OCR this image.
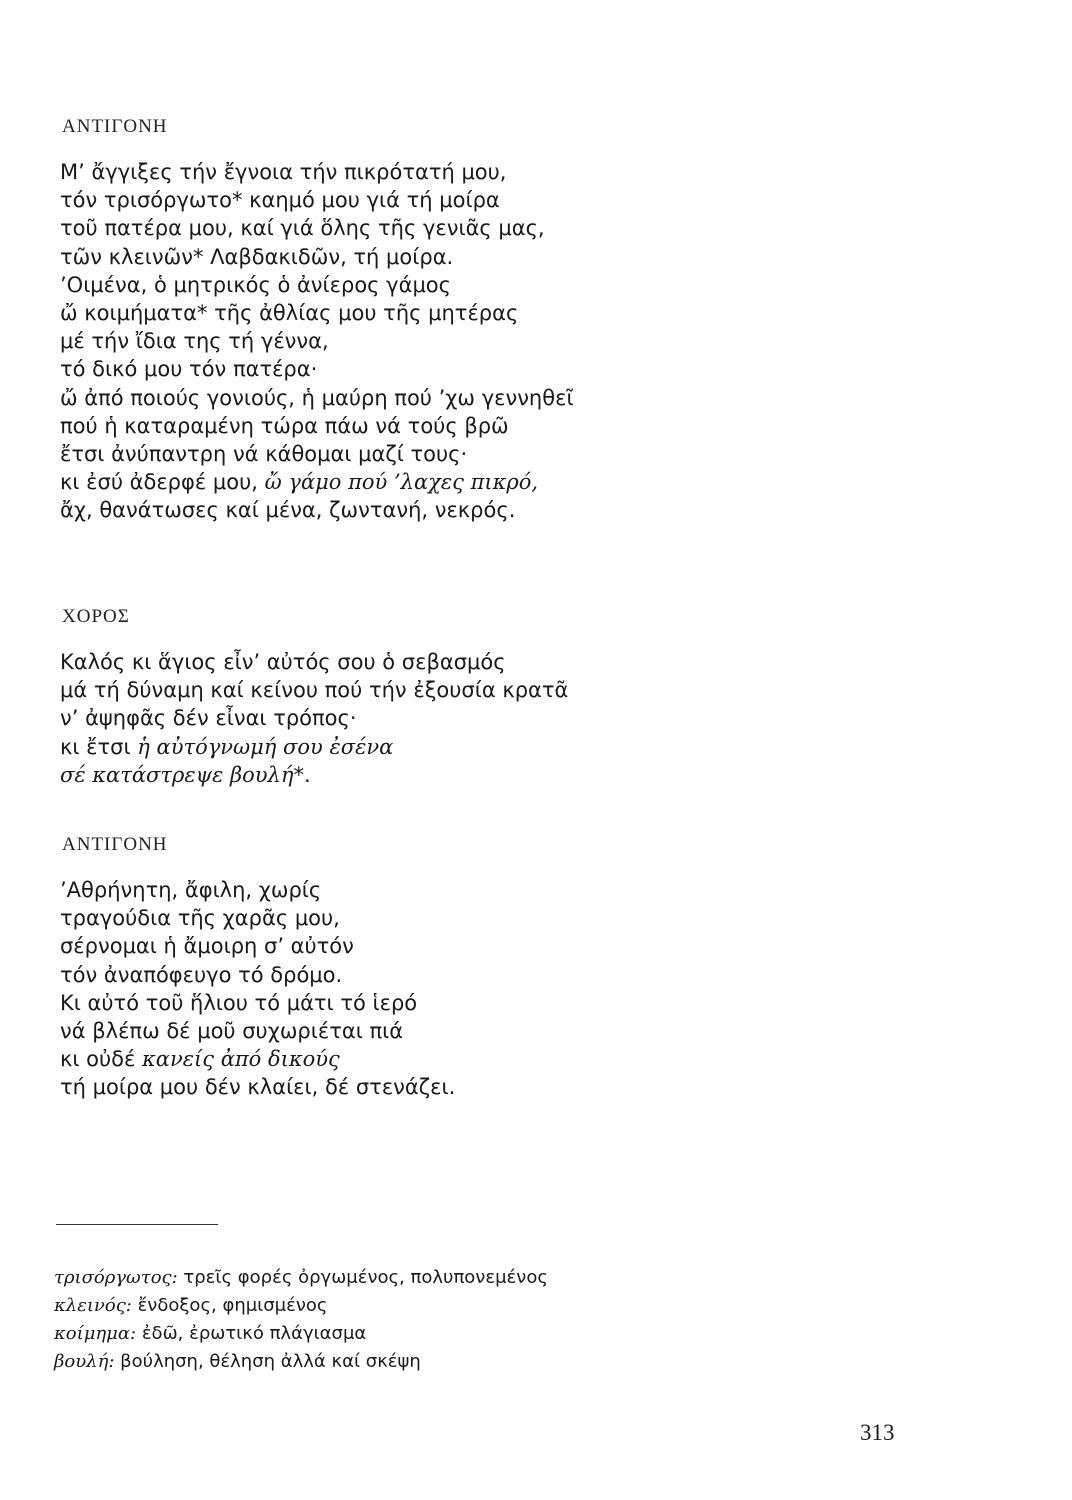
ΑΝΤΙΓΟΝΗ
Μ’ ἄγγιξες τήν ἔγνοια τήν πικρότατή μου,
τόν τρισόργωτο* καημό μου γιά τή μοίρα
τοῦ πατέρα μου, καί γιά ὅλης τῆς γενιᾶς μας,
τῶν κλεινῶν* Λαβδακιδῶν, τή μοίρα.
’Οιμένα, ὁ μητρικός ὁ ἀνίερος γάμος
ὤ κοιμήματα* τῆς ἀθλίας μου τῆς μητέρας
μέ τήν ἴδια της τή γέννα,
τό δικό μου τόν πατέρα·
ὤ ἀπό ποιούς γονιούς, ἡ μαύρη πού ’χω γεννηθεῖ
πού ἡ καταραμένη τώρα πάω νά τούς βρῶ
ἔτσι ἀνύπαντρη νά κάθομαι μαζί τους·
κι ἐσύ ἀδερφέ μου, ὤ γάμο πού ’λαχες πικρό,
ἄχ, θανάτωσες καί μένα, ζωντανή, νεκρός.
ΧΟΡΟΣ
Καλός κι ἅγιος εἶν’ αὐτός σου ὁ σεβασμός
μά τή δύναμη καί κείνου πού τήν ἐξουσία κρατᾶ
ν’ ἀψηφᾶς δέν εἶναι τρόπος·
κι ἔτσι ἡ αὐτόγνωμή σου ἐσένα
σέ κατάστρεψε βουλή*.
ΑΝΤΙΓΟΝΗ
’Αθρήνητη, ἄφιλη, χωρίς
τραγούδια τῆς χαρᾶς μου,
σέρνομαι ἡ ἄμοιρη σ’ αὐτόν
τόν ἀναπόφευγο τό δρόμο.
Κι αὐτό τοῦ ἥλιου τό μάτι τό ἱερό
νά βλέπω δέ μοῦ συχωριέται πιά
κι οὐδέ κανείς ἀπό δικούς
τή μοίρα μου δέν κλαίει, δέ στενάζει.
τρισόργωτος: τρεῖς φορές ὀργωμένος, πολυπονεμένος
κλεινός: ἔνδοξος, φημισμένος
κοίμημα: ἐδῶ, ἐρωτικό πλάγιασμα
βουλή: βούληση, θέληση ἀλλά καί σκέψη
313
